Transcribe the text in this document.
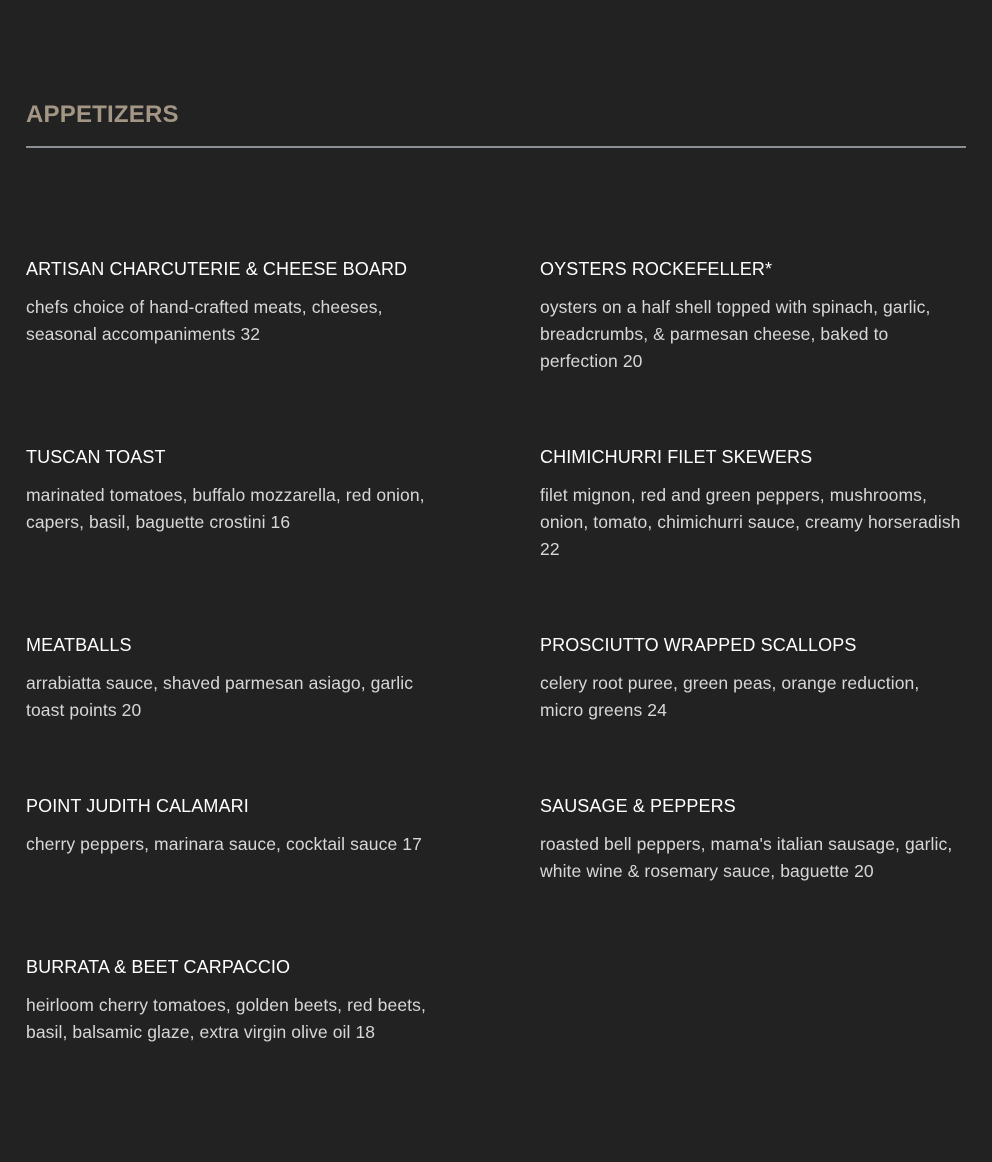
APPETIZERS
ARTISAN CHARCUTERIE & CHEESE BOARD

chefs choice of hand-crafted meats, cheeses, seasonal accompaniments 32

OYSTERS ROCKEFELLER*

oysters on a half shell topped with spinach, garlic, breadcrumbs, & parmesan cheese, baked to perfection 20

TUSCAN TOAST

marinated tomatoes, buffalo mozzarella, red onion, capers, basil, baguette crostini 16

CHIMICHURRI FILET SKEWERS

filet mignon, red and green peppers, mushrooms, onion, tomato, chimichurri sauce, creamy horseradish 22

MEATBALLS

arrabiatta sauce, shaved parmesan asiago, garlic toast points 20

PROSCIUTTO WRAPPED SCALLOPS

celery root puree, green peas, orange reduction, micro greens 24

POINT JUDITH CALAMARI

cherry peppers, marinara sauce, cocktail sauce 17

SAUSAGE & PEPPERS

roasted bell peppers, mama's italian sausage, garlic, white wine & rosemary sauce, baguette 20

BURRATA & BEET CARPACCIO

heirloom cherry tomatoes, golden beets, red beets, basil, balsamic glaze, extra virgin olive oil 18
